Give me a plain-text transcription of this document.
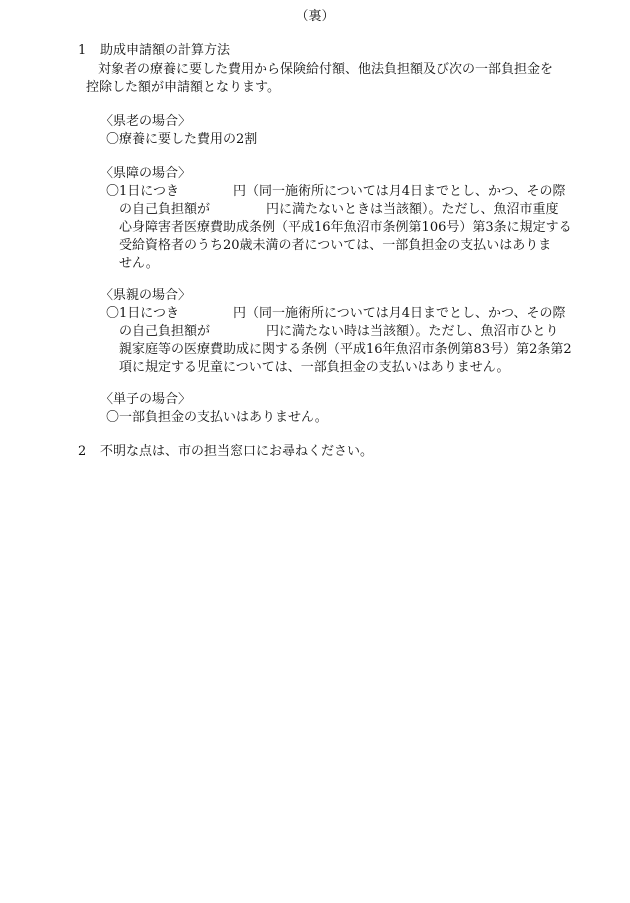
（裏）
1 助成申請額の計算方法
対象者の療養に要した費用から保険給付額、他法負担額及び次の一部負担金を
控除した額が申請額となります。
〈県老の場合〉
〇療養に要した費用の2割
〈県障の場合〉
〇1日につき	円（同一施術所については月4日までとし、かつ、その際
の自己負担額が	円に満たないときは当該額）。ただし、魚沼市重度
心身障害者医療費助成条例（平成16年魚沼市条例第106号）第3条に規定する
受給資格者のうち20歳未満の者については、一部負担金の支払いはありま
せん。
〈県親の場合〉
〇1日につき	円（同一施術所については月4日までとし、かつ、その際
の自己負担額が	円に満たない時は当該額）。ただし、魚沼市ひとり
親家庭等の医療費助成に関する条例（平成16年魚沼市条例第83号）第2条第2
項に規定する児童については、一部負担金の支払いはありません。
〈単子の場合〉
〇一部負担金の支払いはありません。
2 不明な点は、市の担当窓口にお尋ねください。
